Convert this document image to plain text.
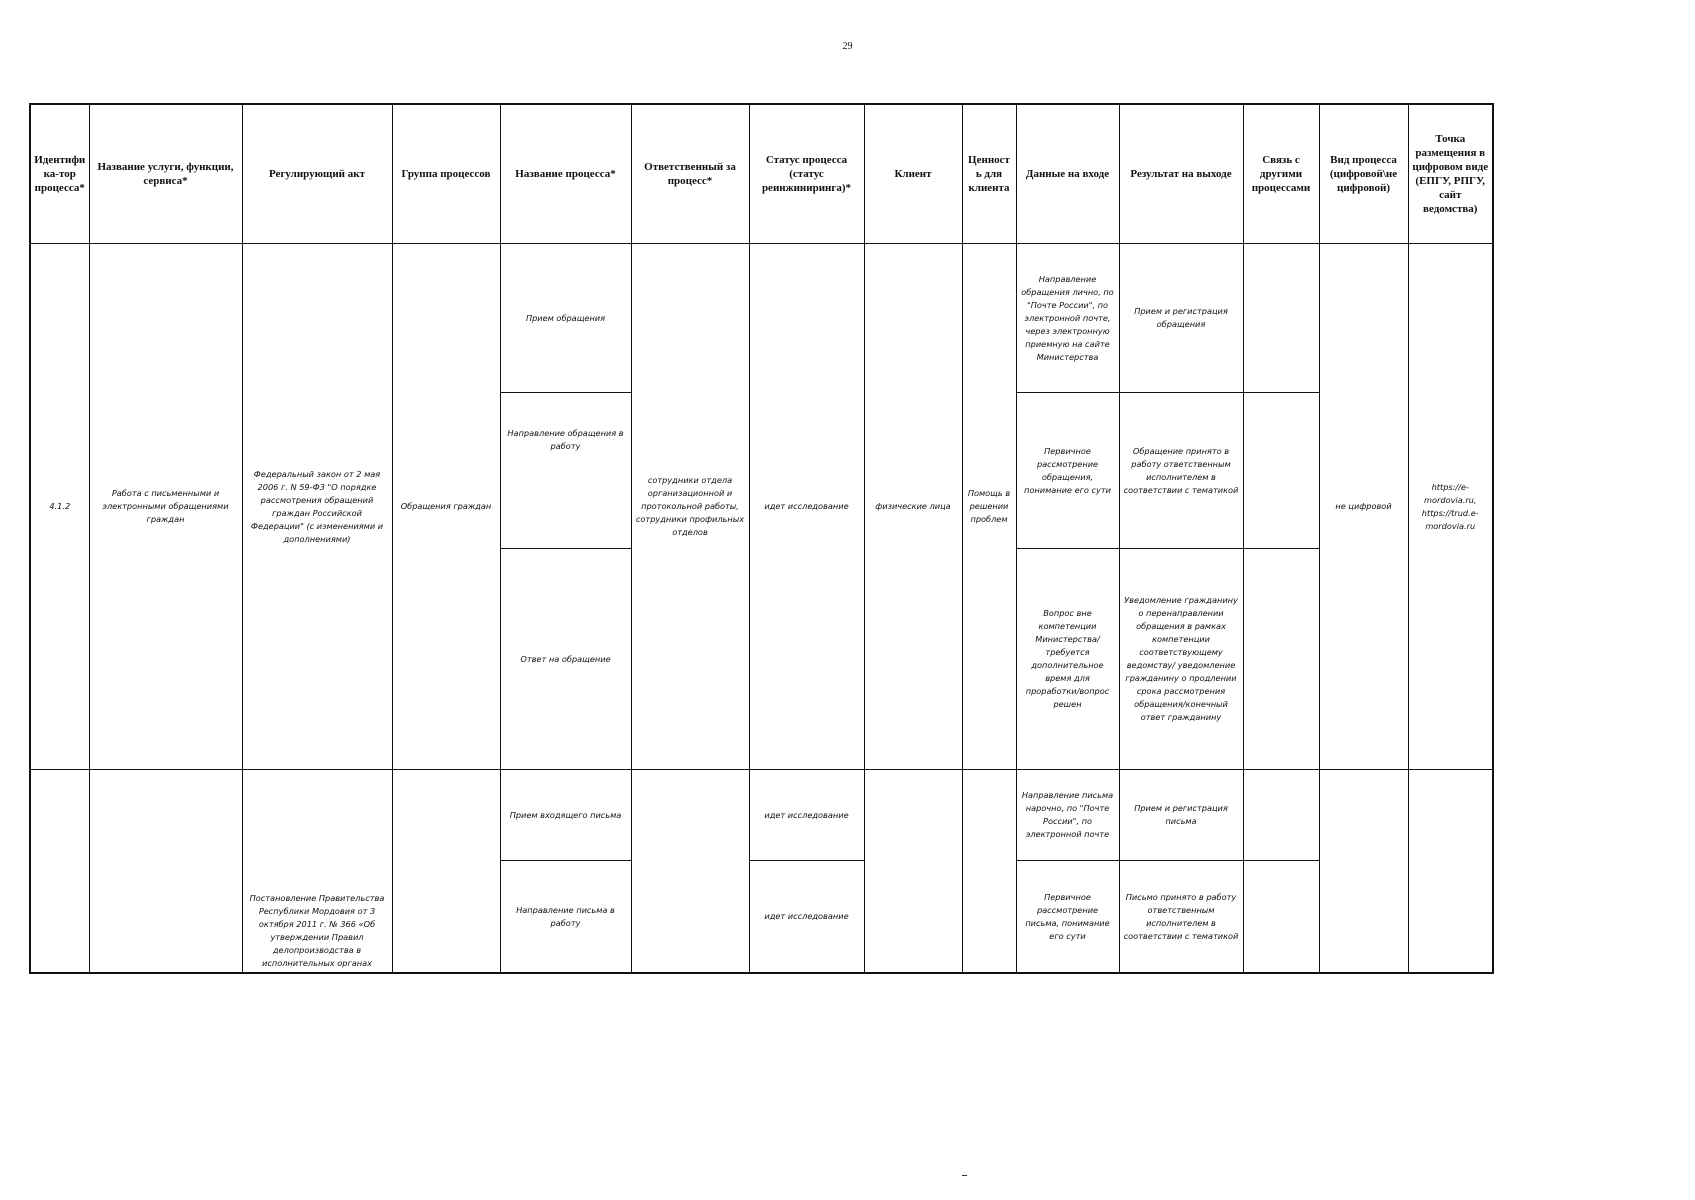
29
Идентифи ка-тор процесса*	Название услуги, функции, сервиса*	Регулирующий акт	Группа процессов	Название процесса*	Ответственный за процесс*	Статус процесса (статус реинжиниринга)*	Клиент	Ценност ь для клиента	Данные на входе	Результат на выходе	Связь с другими процессами	Вид процесса (цифровой\не цифровой)	Точка размещения в цифровом виде (ЕПГУ, РПГУ, сайт ведомства)
4.1.2	Работа с письменными и электронными обращениями граждан	Федеральный закон от 2 мая 2006 г. N 59-ФЗ "О порядке рассмотрения обращений граждан Российской Федерации" (с изменениями и дополнениями)	Обращения граждан	Прием обращения	сотрудники отдела организационной и протокольной работы, сотрудники профильных отделов	идет исследование	физические лица	Помощь в решении проблем	Направление обращения лично, по "Почте России", по электронной почте, через электронную приемную на сайте Министерства	Прием и регистрация обращения		не цифровой	https://e-mordovia.ru, https://trud.e-mordovia.ru
				Направление обращения в работу					Первичное рассмотрение обращения, понимание его сути	Обращение принято в работу ответственным исполнителем в соответствии с тематикой			
				Ответ на обращение					Вопрос вне компетенции Министерства/требуется дополнительное время для проработки/вопрос решен	Уведомление гражданину о перенаправлении обращения в рамках компетенции соответствующему ведомству/ уведомление гражданину о продлении срока рассмотрения обращения/конечный ответ гражданину			
		Постановление Правительства Республики Мордовия от 3 октября 2011 г. № 366 «Об утверждении Правил делопроизводства в исполнительных органах		Прием входящего письма		идет исследование			Направление письма нарочно, по "Почте России", по электронной почте	Прием и регистрация письма			
				Направление письма в работу		идет исследование			Первичное рассмотрение письма, понимание его сути	Письмо принято в работу ответственным исполнителем в соответствии с тематикой			
